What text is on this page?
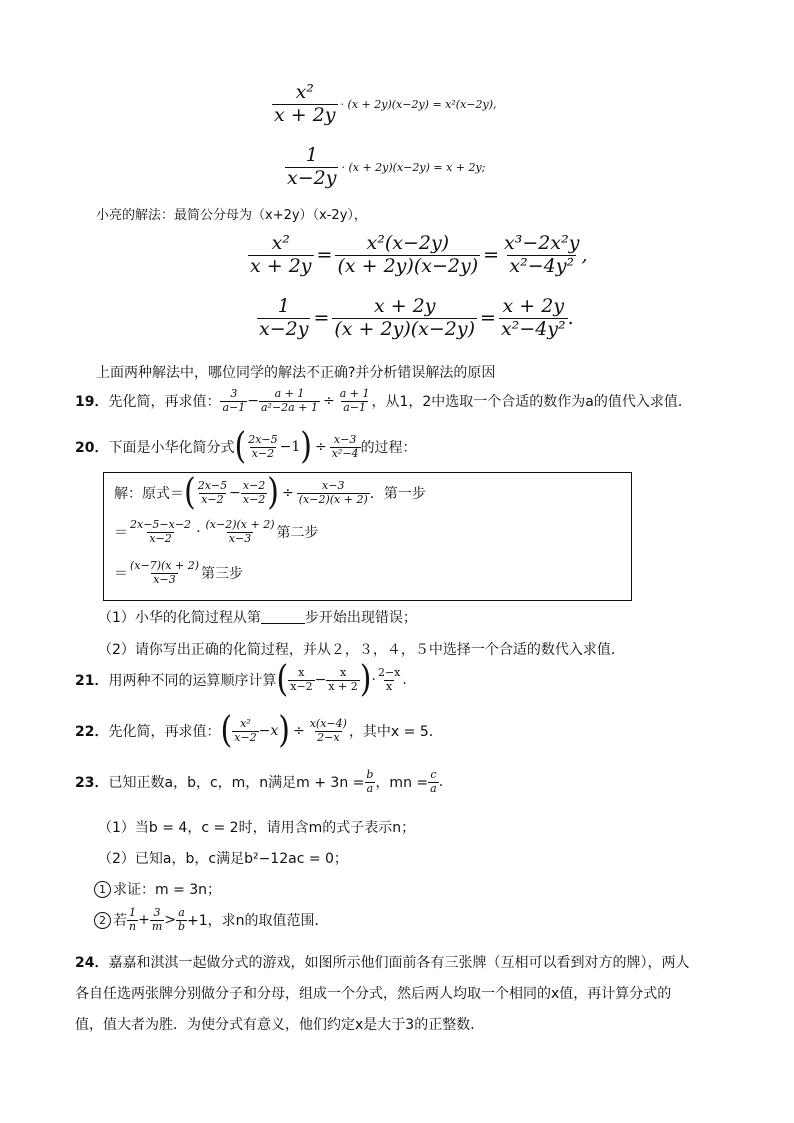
$\frac{\text{x²}}{x + 2y} \cdot (x + 2y)(x-2y) = x^2(x-2y)$,
$\frac{1}{x-2y} \cdot (x + 2y)(x-2y) = x + 2y$;
小亮的解法：最简公分母为（x+2y）（x-2y），
$\frac{\text{x²}}{x + 2y} = \frac{\text{x²(x−2y)}}{(x + 2y)(x-2y)} = \frac{\text{x³−2x²y}}{\text{x²−4y²}}$ ,
$\frac{1}{x-2y} = \frac{x + 2y}{(x + 2y)(x-2y)} = \frac{x + 2y}{\text{x²−4y²}}$ .
上面两种解法中，哪位同学的解法不正确?并分析错误解法的原因
19． 先化简，再求值： $\frac{3}{a-1} - \frac{a + 1}{\text{a²−2a + 1}} \div \frac{a + 1}{a-1}$ ，从1，2中选取一个合适的数作为a的值代入求值．
20． 下面是小华化简分式 ( $\frac{2x-5}{x-2} -1$ ) ÷ $\frac{x-3}{\text{x²−4}}$ 的过程：
解：原式＝ ( $\frac{2x-5}{x-2} - \frac{x-2}{x-2}$ ) ÷ $\frac{x-3}{(x-2)(x + 2)}$ ．第一步
＝ $\frac{2x-5-x-2}{x-2} \cdot \frac{(x-2)(x + 2)}{x-3}$ 第二步
＝ $\frac{(x-7)(x + 2)}{x-3}$ 第三步
（1）小华的化简过程从第	步开始出现错误；
（2）请你写出正确的化简过程，并从２，３，４，５中选择一个合适的数代入求值．
21． 用两种不同的运算顺序计算 ( $\frac{x}{x-2} - \frac{x}{x + 2}$ ) · $\frac{2-x}{x}$ .
22． 先化简，再求值： ( $\frac{\text{x²}}{x-2} -x$ ) ÷ $\frac{x(x-4)}{2-x}$ ，其中x = 5．
23． 已知正数a，b，c，m，n满足$m + 3n = \frac{b}{a}$ ，mn = $\frac{c}{a}$ .
（1）当b = 4，c = 2时，请用含m的式子表示n；
（2）已知a，b，c满足b²−12ac = 0；
1 求证：m = 3n；
2 若 $\frac{1}{n} + \frac{3}{m} > \frac{a}{b} +1$，求n的取值范围．
24．嘉嘉和淇淇一起做分式的游戏，如图所示他们面前各有三张牌（互相可以看到对方的牌），两人
各自任选两张牌分别做分子和分母，组成一个分式，然后两人均取一个相同的x值，再计算分式的
值，值大者为胜．为使分式有意义，他们约定x是大于3的正整数．
